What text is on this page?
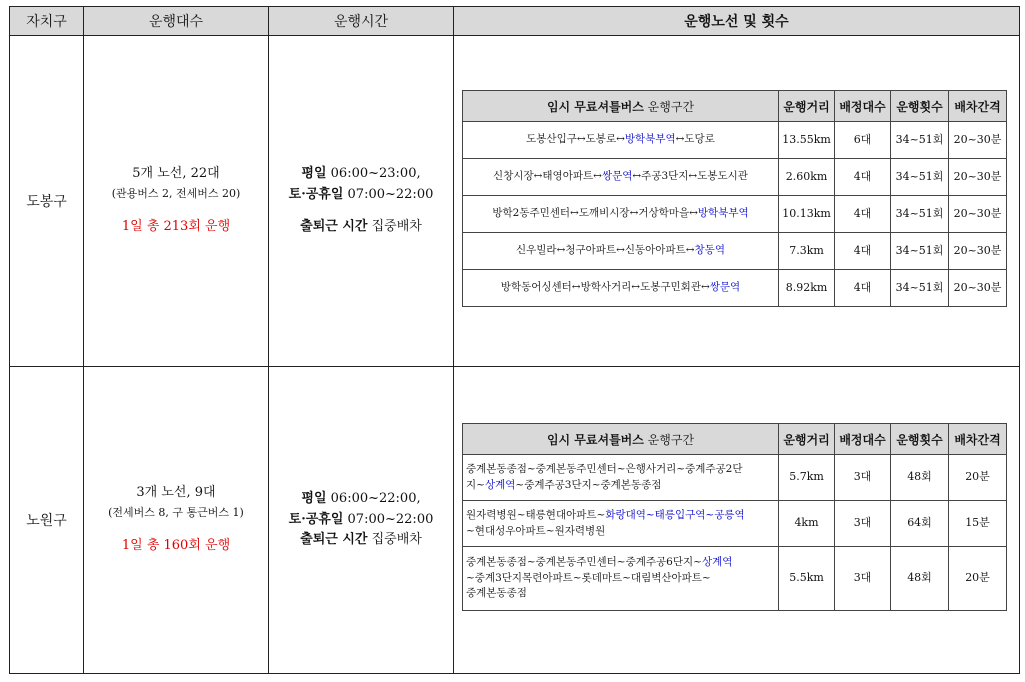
자치구	운행대수	운행시간	운행노선 및 횟수
도봉구	
5개 노선, 22대
(관용버스 2, 전세버스 20)
1일 총 213회 운행

평일 06:00~23:00,
토·공휴일 07:00~22:00
출퇴근 시간 집중배차

임시 무료셔틀버스 운행구간	운행거리	배정대수	운행횟수	배차간격
도봉산입구↔도봉로↔방학북부역↔도당로	13.55km	6대	34~51회	20~30분
신창시장↔태영아파트↔쌍문역↔주공3단지↔도봉도시관	2.60km	4대	34~51회	20~30분
방학2동주민센터↔도깨비시장↔거상학마을↔방학북부역	10.13km	4대	34~51회	20~30분
신우빌라↔청구아파트↔신동아아파트↔창동역	7.3km	4대	34~51회	20~30분
방학동어싱센터↔방학사거리↔도봉구민회관↔쌍문역	8.92km	4대	34~51회	20~30분

노원구	
3개 노선, 9대
(전세버스 8, 구 통근버스 1)
1일 총 160회 운행

평일 06:00~22:00,
토·공휴일 07:00~22:00
출퇴근 시간 집중배차

임시 무료셔틀버스 운행구간	운행거리	배정대수	운행횟수	배차간격

중계본동종점~중계본동주민센터~은행사거리~중계주공2단
지~상계역~중계주공3단지~중계본동종점
	5.7km	3대	48회	20분

원자력병원~태릉현대아파트~화랑대역~태릉입구역~공릉역
~현대성우아파트~원자력병원
	4km	3대	64회	15분

중계본동종점~중계본동주민센터~중계주공6단지~상계역
~중계3단지목련아파트~롯데마트~대림벽산아파트~
중계본동종점
	5.5km	3대	48회	20분
